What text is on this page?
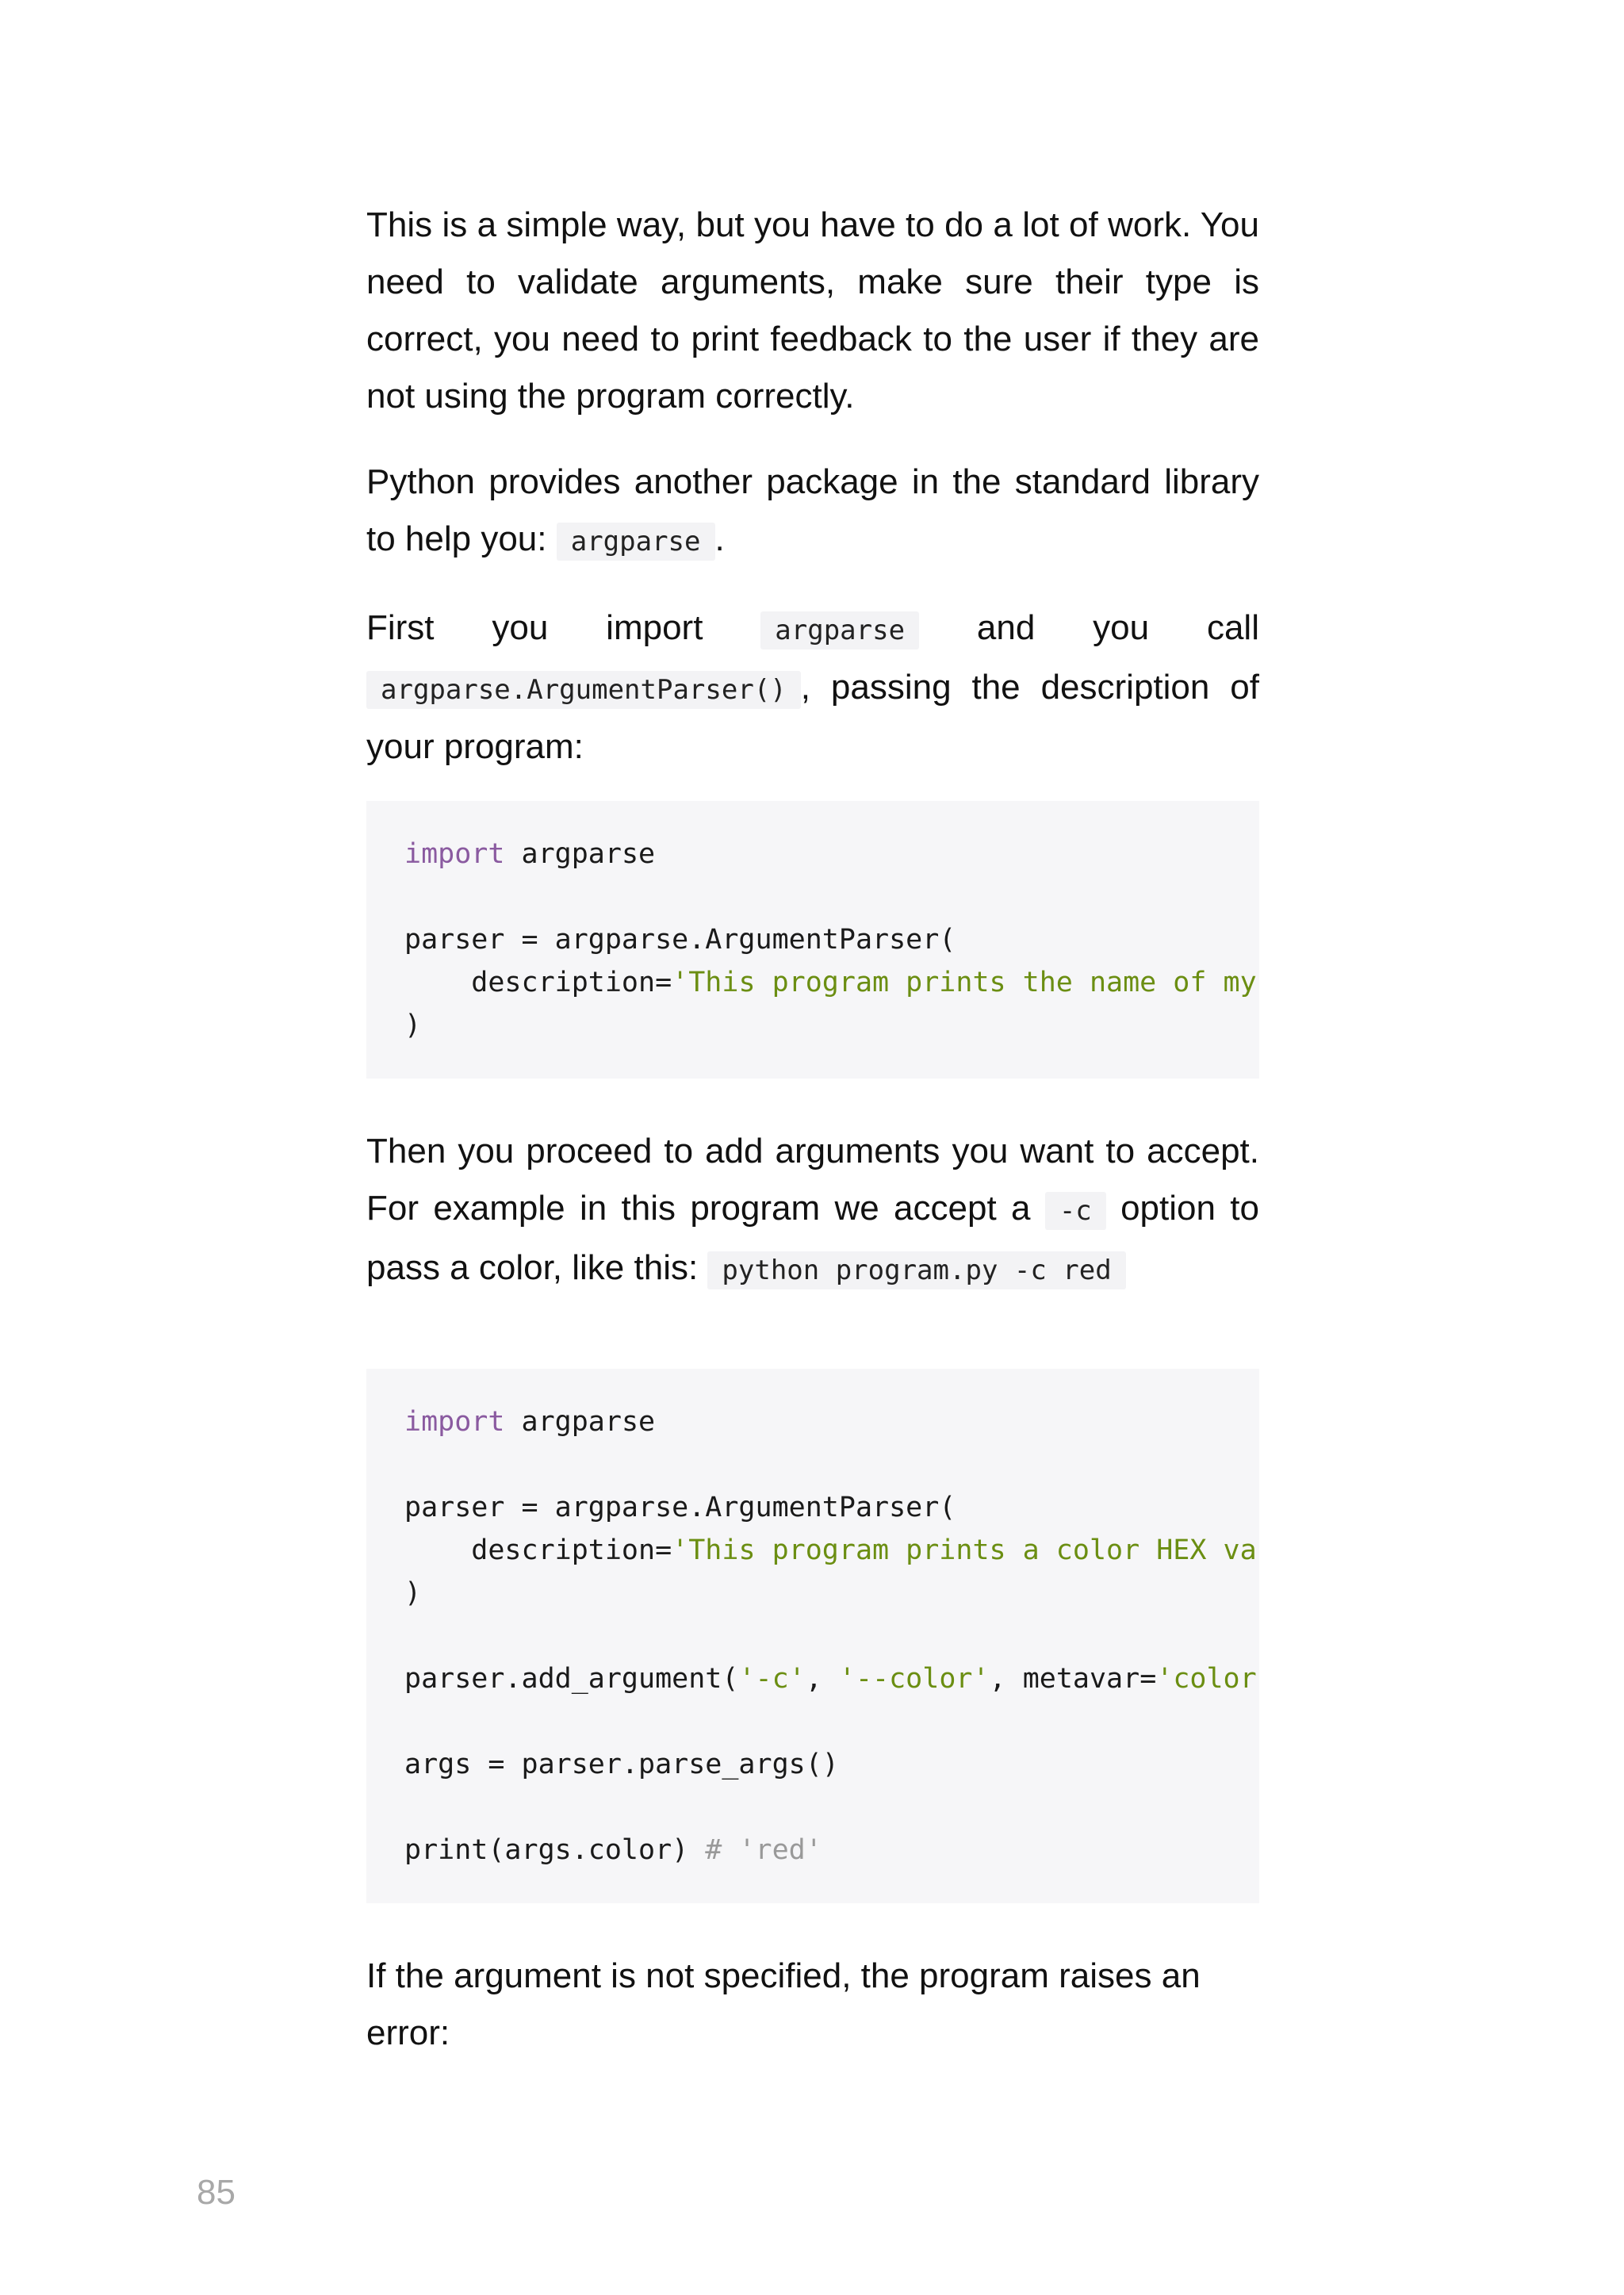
This is a simple way, but you have to do a lot of work. You need to validate arguments, make sure their type is correct, you need to print feedback to the user if they are not using the program correctly.

Python provides another package in the standard library to help you: argparse .

First you import argparse and you call argparse.ArgumentParser() , passing the description of your program:

import argparse

parser = argparse.ArgumentParser(
description='This program prints the name of my
)

Then you proceed to add arguments you want to accept. For example in this program we accept a -c option to pass a color, like this: python program.py -c red

import argparse

parser = argparse.ArgumentParser(
description='This program prints a color HEX va
)

parser.add_argument('-c', '--color', metavar='color

args = parser.parse_args()

print(args.color) # 'red'

If the argument is not specified, the program raises an error:

85
